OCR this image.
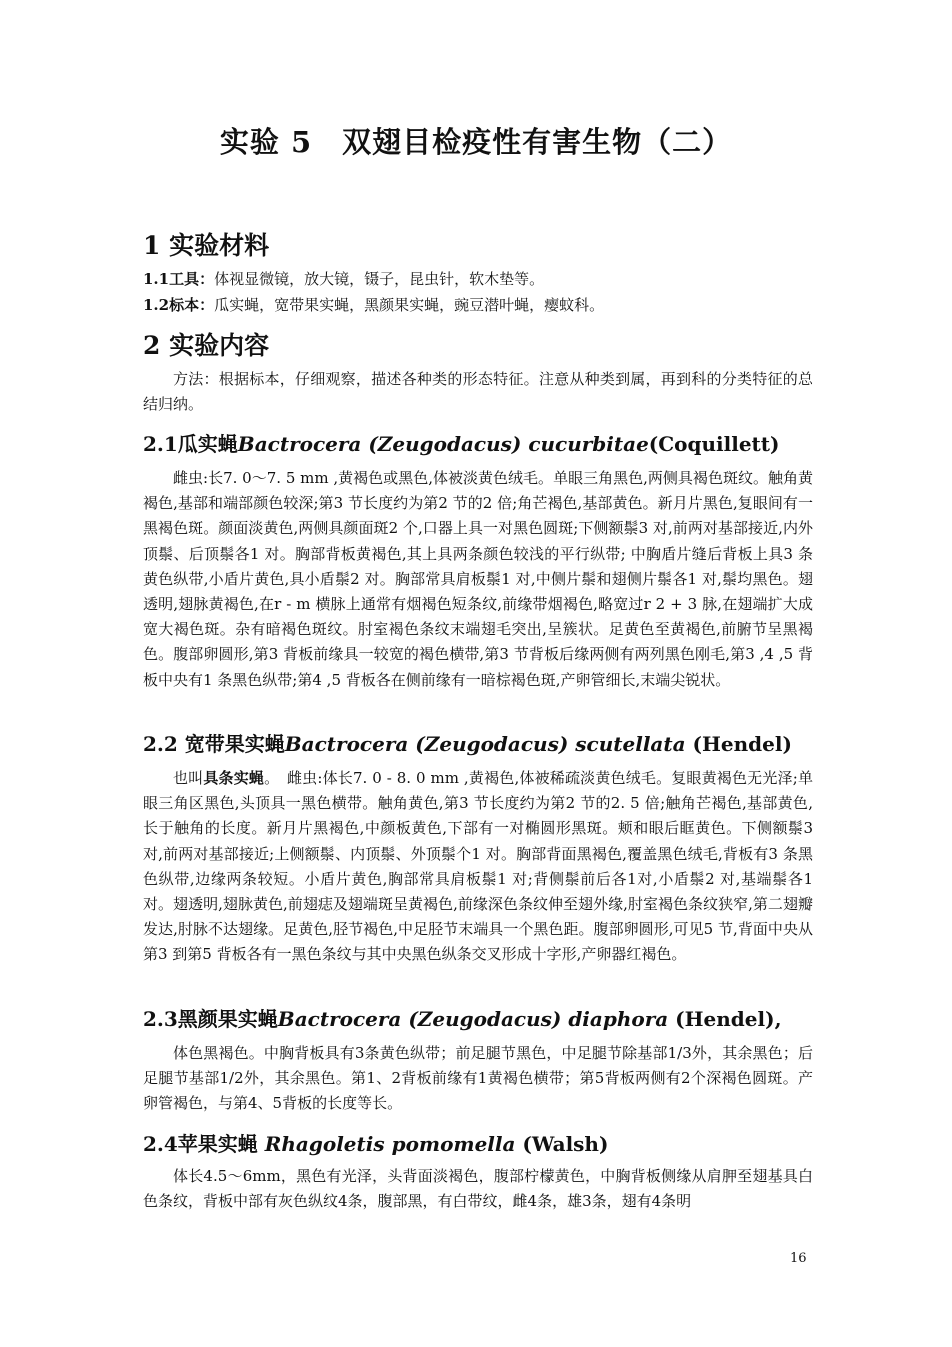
实验 5　双翅目检疫性有害生物（二）
1 实验材料
1.1工具：体视显微镜，放大镜，镊子，昆虫针，软木垫等。
1.2标本：瓜实蝇，宽带果实蝇，黑颜果实蝇，豌豆潜叶蝇，瘿蚊科。
2 实验内容
方法：根据标本，仔细观察，描述各种类的形态特征。注意从种类到属，再到科的分类特征的总结归纳。
2.1瓜实蝇Bactrocera (Zeugodacus) cucurbitae(Coquillett)
雌虫:长7. 0～7. 5 mm ,黄褐色或黑色,体被淡黄色绒毛。单眼三角黑色,两侧具褐色斑纹。触角黄褐色,基部和端部颜色较深;第3 节长度约为第2 节的2 倍;角芒褐色,基部黄色。新月片黑色,复眼间有一黑褐色斑。颜面淡黄色,两侧具颜面斑2 个,口器上具一对黑色圆斑;下侧额鬃3 对,前两对基部接近,内外顶鬃、后顶鬃各1 对。胸部背板黄褐色,其上具两条颜色较浅的平行纵带; 中胸盾片缝后背板上具3 条黄色纵带,小盾片黄色,具小盾鬃2 对。胸部常具肩板鬃1 对,中侧片鬃和翅侧片鬃各1 对,鬃均黑色。翅透明,翅脉黄褐色,在r - m 横脉上通常有烟褐色短条纹,前缘带烟褐色,略宽过r 2 + 3 脉,在翅端扩大成宽大褐色斑。杂有暗褐色斑纹。肘室褐色条纹末端翅毛突出,呈簇状。足黄色至黄褐色,前腑节呈黑褐色。腹部卵圆形,第3 背板前缘具一较宽的褐色横带,第3 节背板后缘两侧有两列黑色刚毛,第3 ,4 ,5 背板中央有1 条黑色纵带;第4 ,5 背板各在侧前缘有一暗棕褐色斑,产卵管细长,末端尖锐状。
2.2 宽带果实蝇Bactrocera (Zeugodacus) scutellata (Hendel)
也叫具条实蝇。　雌虫:体长7. 0 - 8. 0 mm ,黄褐色,体被稀疏淡黄色绒毛。复眼黄褐色无光泽;单眼三角区黑色,头顶具一黑色横带。触角黄色,第3 节长度约为第2 节的2. 5 倍;触角芒褐色,基部黄色,长于触角的长度。新月片黑褐色,中颜板黄色,下部有一对椭圆形黑斑。颊和眼后眶黄色。下侧额鬃3 对,前两对基部接近;上侧额鬃、内顶鬃、外顶鬃个1 对。胸部背面黑褐色,覆盖黑色绒毛,背板有3 条黑色纵带,边缘两条较短。小盾片黄色,胸部常具肩板鬃1 对;背侧鬃前后各1对,小盾鬃2 对,基端鬃各1 对。翅透明,翅脉黄色,前翅痣及翅端斑呈黄褐色,前缘深色条纹伸至翅外缘,肘室褐色条纹狭窄,第二翅瓣发达,肘脉不达翅缘。足黄色,胫节褐色,中足胫节末端具一个黑色距。腹部卵圆形,可见5 节,背面中央从第3 到第5 背板各有一黑色条纹与其中央黑色纵条交叉形成十字形,产卵器红褐色。
2.3黑颜果实蝇Bactrocera (Zeugodacus) diaphora (Hendel),
体色黑褐色。中胸背板具有3条黄色纵带；前足腿节黑色，中足腿节除基部1/3外，其余黑色；后足腿节基部1/2外，其余黑色。第1、2背板前缘有1黄褐色横带；第5背板两侧有2个深褐色圆斑。产卵管褐色，与第4、5背板的长度等长。
2.4苹果实蝇 Rhagoletis pomomella (Walsh)
体长4.5～6mm，黑色有光泽，头背面淡褐色，腹部柠檬黄色，中胸背板侧缘从肩胛至翅基具白色条纹，背板中部有灰色纵纹4条，腹部黑，有白带纹，雌4条，雄3条，翅有4条明
16
